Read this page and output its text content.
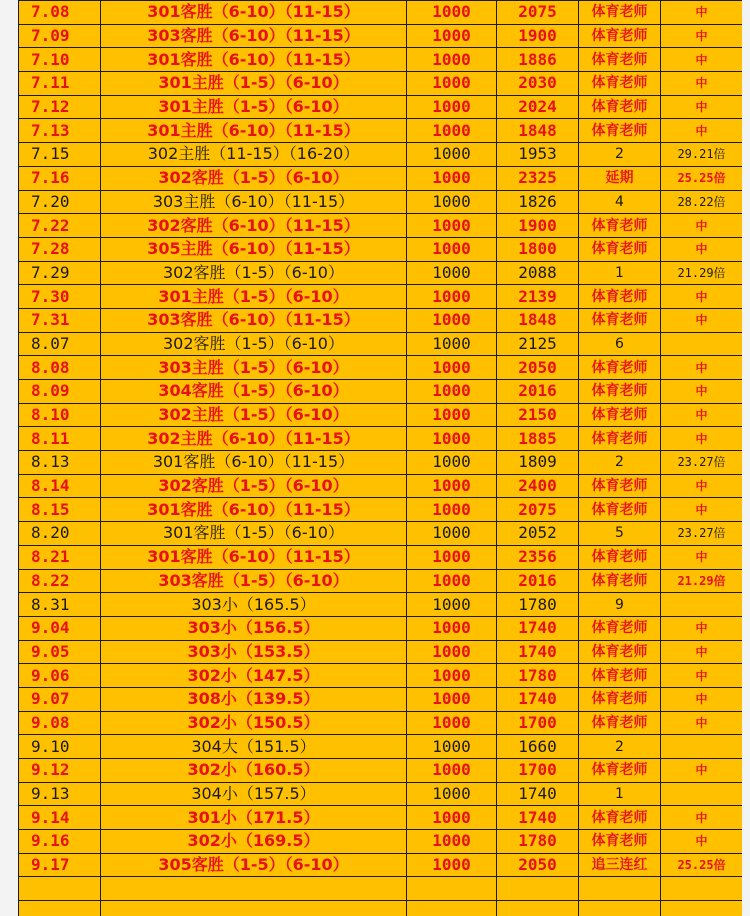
7.08	301客胜（6-10）（11-15）	1000	2075	体育老师	中
7.09	303客胜（6-10）（11-15）	1000	1900	体育老师	中
7.10	301客胜（6-10）（11-15）	1000	1886	体育老师	中
7.11	301主胜（1-5）（6-10）	1000	2030	体育老师	中
7.12	301主胜（1-5）（6-10）	1000	2024	体育老师	中
7.13	301主胜（6-10）（11-15）	1000	1848	体育老师	中
7.15	302主胜（11-15）（16-20）	1000	1953	2	29.21倍
7.16	302客胜（1-5）（6-10）	1000	2325	延期	25.25倍
7.20	303主胜（6-10）（11-15）	1000	1826	4	28.22倍
7.22	302客胜（6-10）（11-15）	1000	1900	体育老师	中
7.28	305主胜（6-10）（11-15）	1000	1800	体育老师	中
7.29	302客胜（1-5）（6-10）	1000	2088	1	21.29倍
7.30	301主胜（1-5）（6-10）	1000	2139	体育老师	中
7.31	303客胜（6-10）（11-15）	1000	1848	体育老师	中
8.07	302客胜（1-5）（6-10）	1000	2125	6	
8.08	303主胜（1-5）（6-10）	1000	2050	体育老师	中
8.09	304客胜（1-5）（6-10）	1000	2016	体育老师	中
8.10	302主胜（1-5）（6-10）	1000	2150	体育老师	中
8.11	302主胜（6-10）（11-15）	1000	1885	体育老师	中
8.13	301客胜（6-10）（11-15）	1000	1809	2	23.27倍
8.14	302客胜（1-5）（6-10）	1000	2400	体育老师	中
8.15	301客胜（6-10）（11-15）	1000	2075	体育老师	中
8.20	301客胜（1-5）（6-10）	1000	2052	5	23.27倍
8.21	301客胜（6-10）（11-15）	1000	2356	体育老师	中
8.22	303客胜（1-5）（6-10）	1000	2016	体育老师	21.29倍
8.31	303小（165.5）	1000	1780	9	
9.04	303小（156.5）	1000	1740	体育老师	中
9.05	303小（153.5）	1000	1740	体育老师	中
9.06	302小（147.5）	1000	1780	体育老师	中
9.07	308小（139.5）	1000	1740	体育老师	中
9.08	302小（150.5）	1000	1700	体育老师	中
9.10	304大（151.5）	1000	1660	2	
9.12	302小（160.5）	1000	1700	体育老师	中
9.13	304小（157.5）	1000	1740	1	
9.14	301小（171.5）	1000	1740	体育老师	中
9.16	302小（169.5）	1000	1780	体育老师	中
9.17	305客胜（1-5）（6-10）	1000	2050	追三连红	25.25倍
